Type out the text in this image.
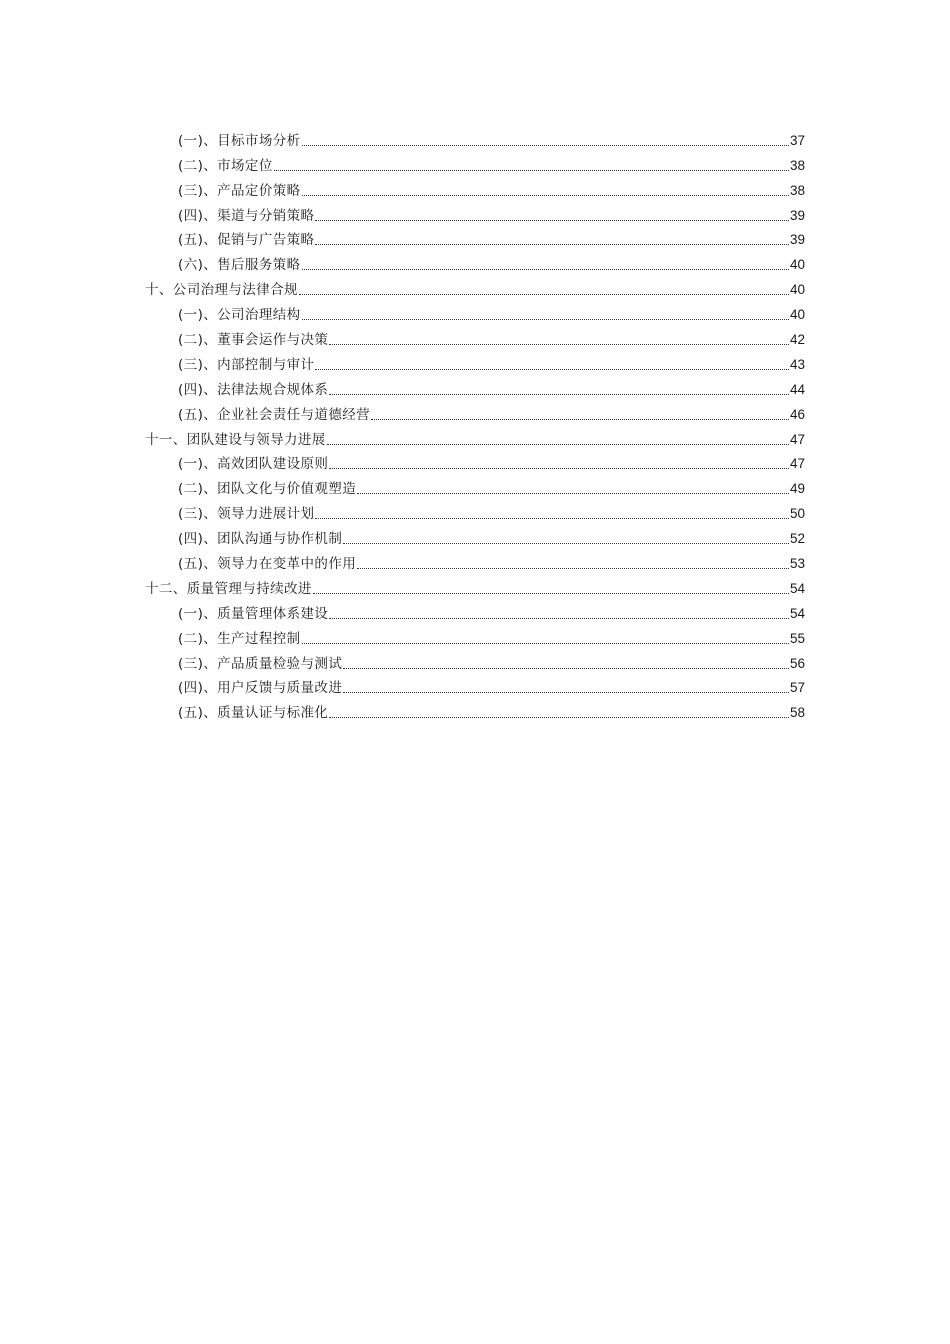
(一)、目标市场分析	37
(二)、市场定位	38
(三)、产品定价策略	38
(四)、渠道与分销策略	39
(五)、促销与广告策略	39
(六)、售后服务策略	40
十、公司治理与法律合规	40
(一)、公司治理结构	40
(二)、董事会运作与决策	42
(三)、内部控制与审计	43
(四)、法律法规合规体系	44
(五)、企业社会责任与道德经营	46
十一、团队建设与领导力进展	47
(一)、高效团队建设原则	47
(二)、团队文化与价值观塑造	49
(三)、领导力进展计划	50
(四)、团队沟通与协作机制	52
(五)、领导力在变革中的作用	53
十二、质量管理与持续改进	54
(一)、质量管理体系建设	54
(二)、生产过程控制	55
(三)、产品质量检验与测试	56
(四)、用户反馈与质量改进	57
(五)、质量认证与标准化	58
